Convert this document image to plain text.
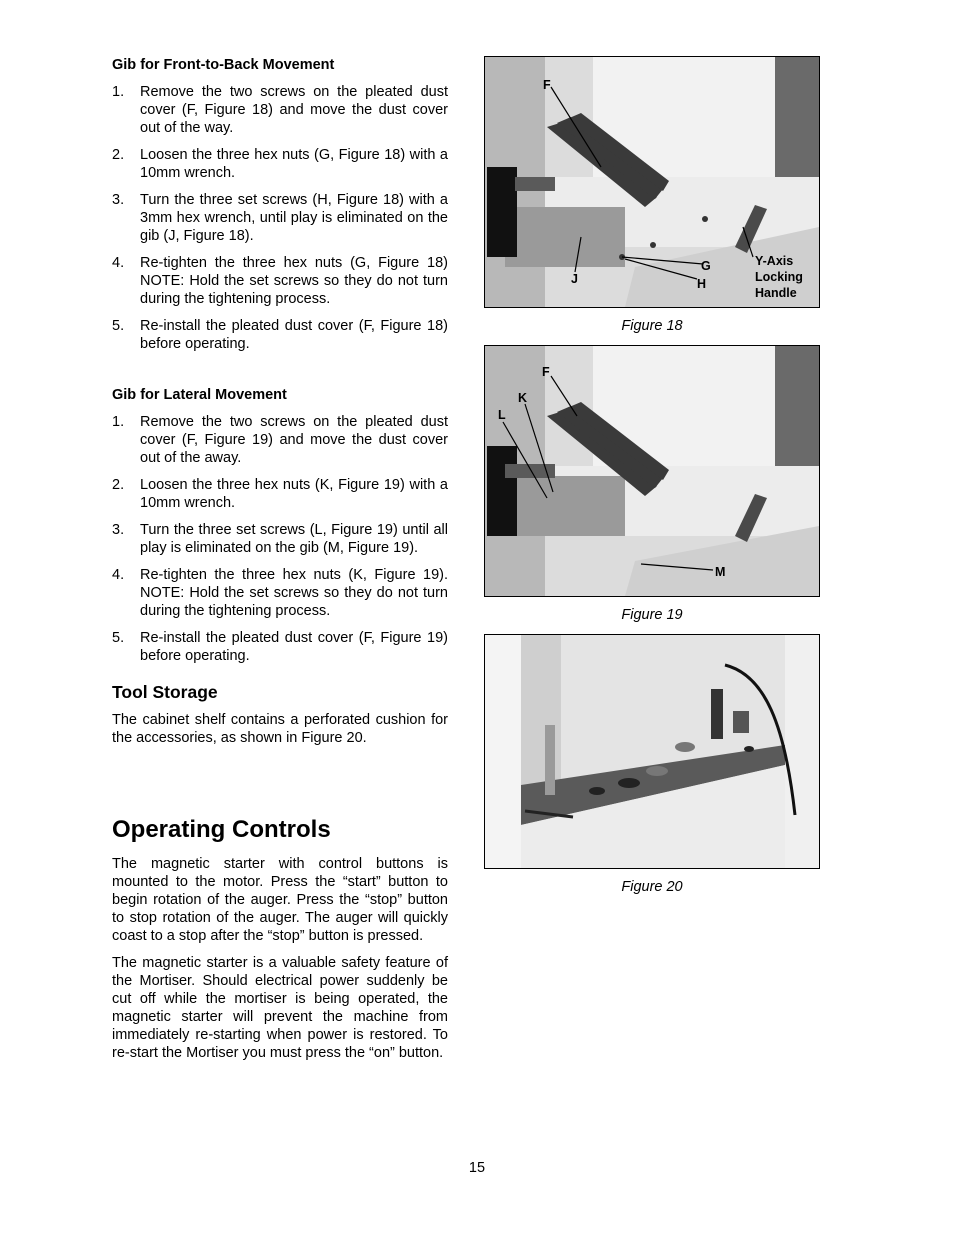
Gib for Front-to-Back Movement
1. Remove the two screws on the pleated dust cover (F, Figure 18) and move the dust cover out of the way.
2. Loosen the three hex nuts (G, Figure 18) with a 10mm wrench.
3. Turn the three set screws (H, Figure 18) with a 3mm hex wrench, until play is eliminated on the gib (J, Figure 18).
4. Re-tighten the three hex nuts (G, Figure 18) NOTE: Hold the set screws so they do not turn during the tightening process.
5. Re-install the pleated dust cover (F, Figure 18) before operating.
Gib for Lateral Movement
1. Remove the two screws on the pleated dust cover (F, Figure 19) and move the dust cover out of the away.
2. Loosen the three hex nuts (K, Figure 19) with a 10mm wrench.
3. Turn the three set screws (L, Figure 19) until all play is eliminated on the gib (M, Figure 19).
4. Re-tighten the three hex nuts (K, Figure 19). NOTE: Hold the set screws so they do not turn during the tightening process.
5. Re-install the pleated dust cover (F, Figure 19) before operating.
Tool Storage

The cabinet shelf contains a perforated cushion for the accessories, as shown in Figure 20.

Operating Controls

The magnetic starter with control buttons is mounted to the motor. Press the “start” button to begin rotation of the auger. Press the “stop” button to stop rotation of the auger. The auger will quickly coast to a stop after the “stop” button is pressed.

The magnetic starter is a valuable safety feature of the Mortiser. Should electrical power suddenly be cut off while the mortiser is being operated, the magnetic starter will prevent the machine from immediately re-starting when power is restored. To re-start the Mortiser you must press the “on” button.

F
G
H
J
Y-Axis
Locking
Handle
Figure 18
F
K
L
M
Figure 19
Figure 20
15
